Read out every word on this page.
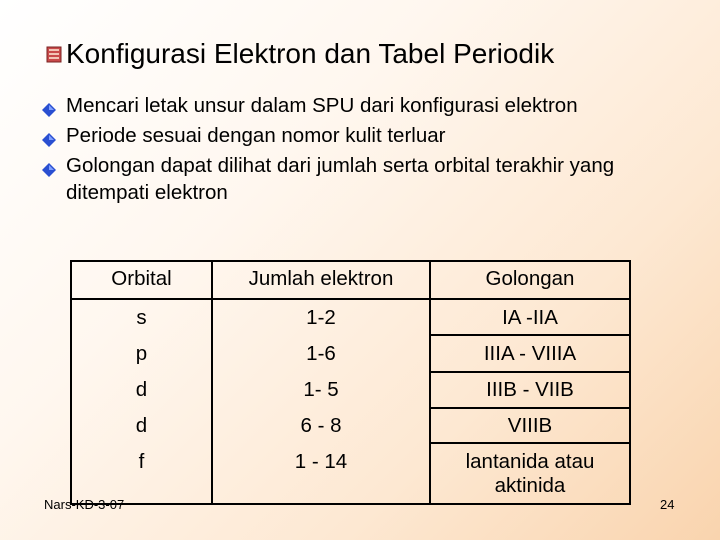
Konfigurasi Elektron dan Tabel Periodik
Mencari letak unsur dalam SPU dari konfigurasi elektron
Periode sesuai dengan nomor kulit terluar
Golongan dapat dilihat dari jumlah serta orbital terakhir yang ditempati elektron
Orbital	Jumlah elektron	Golongan
s	1-2	IA -IIA
p	1-6	IIIA - VIIIA
d	1- 5	IIIB - VIIB
d	6 - 8	VIIIB
f	1 - 14	lantanida atau aktinida
Nars-KD-3-07	24
